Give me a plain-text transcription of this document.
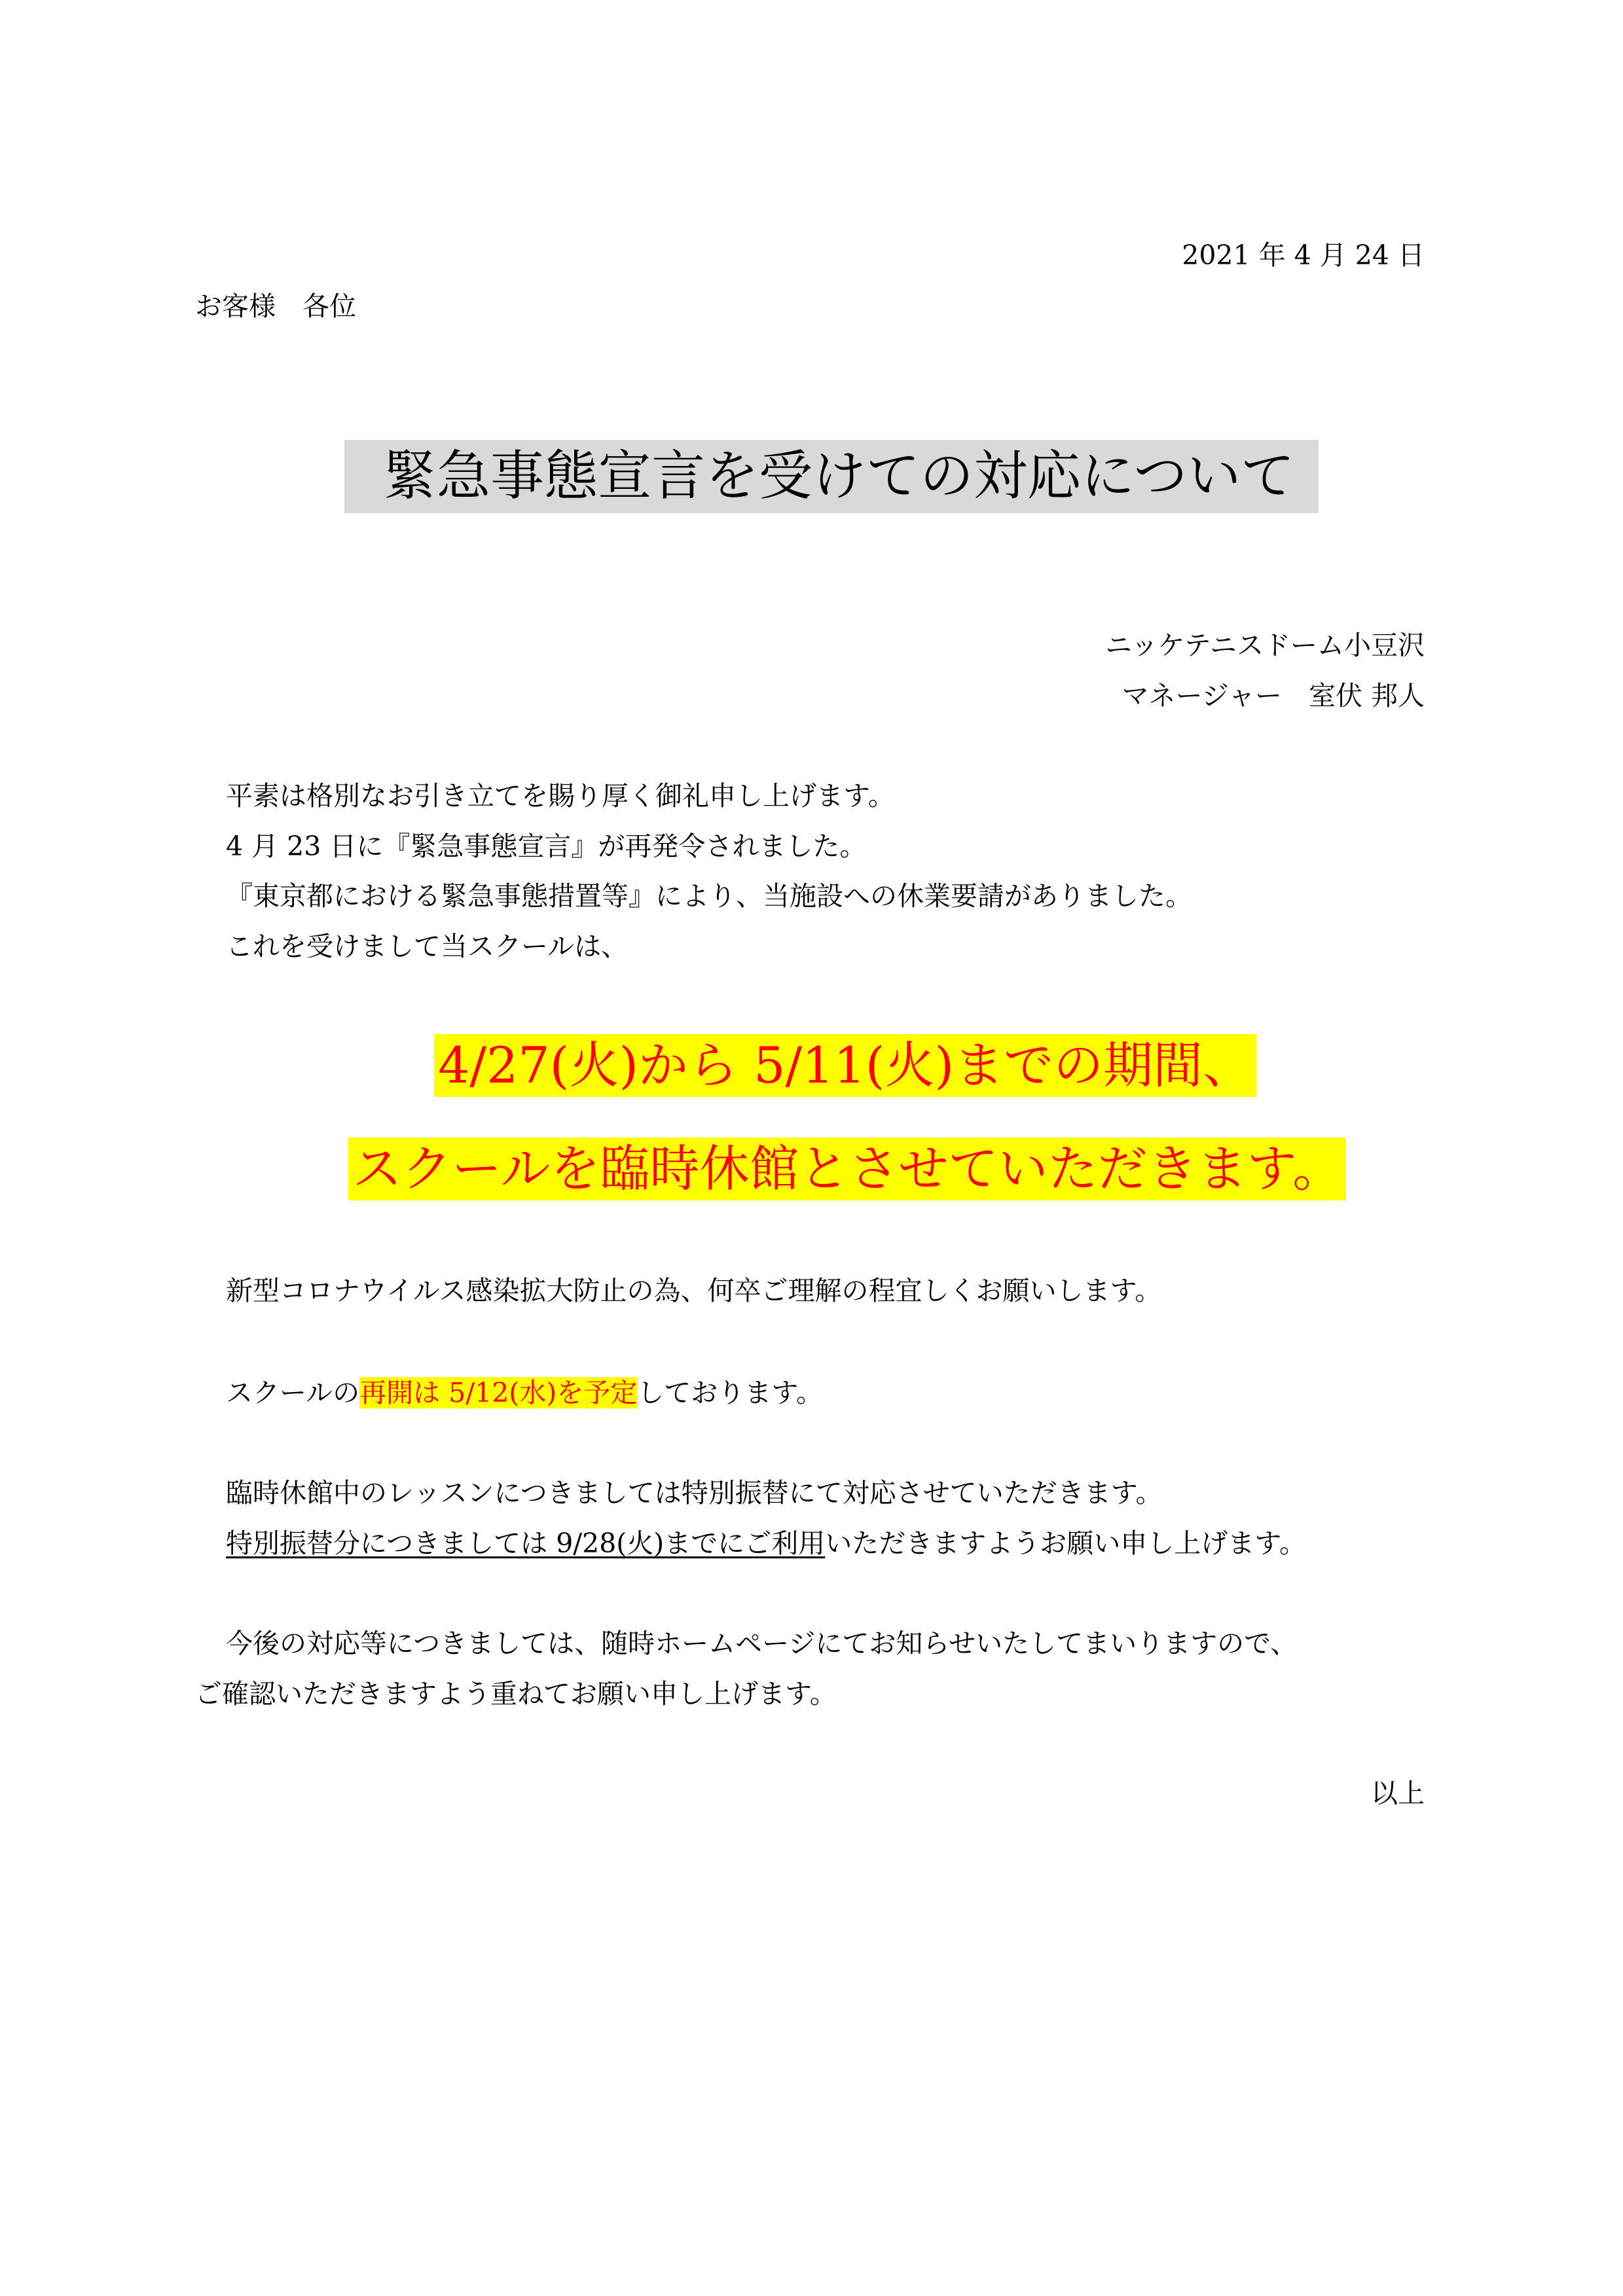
2021 年 4 月 24 日
お客様　各位
緊急事態宣言を受けての対応について
ニッケテニスドーム小豆沢
マネージャー　室伏 邦人
平素は格別なお引き立てを賜り厚く御礼申し上げます。
4 月 23 日に『緊急事態宣言』が再発令されました。
『東京都における緊急事態措置等』により、当施設への休業要請がありました。
これを受けまして当スクールは、
4/27(火)から 5/11(火)までの期間、
スクールを臨時休館とさせていただきます。
新型コロナウイルス感染拡大防止の為、何卒ご理解の程宜しくお願いします。
スクールの再開は 5/12(水)を予定しております。
臨時休館中のレッスンにつきましては特別振替にて対応させていただきます。
特別振替分につきましては 9/28(火)までにご利用いただきますようお願い申し上げます。
今後の対応等につきましては、随時ホームページにてお知らせいたしてまいりますので、
ご確認いただきますよう重ねてお願い申し上げます。
以上
